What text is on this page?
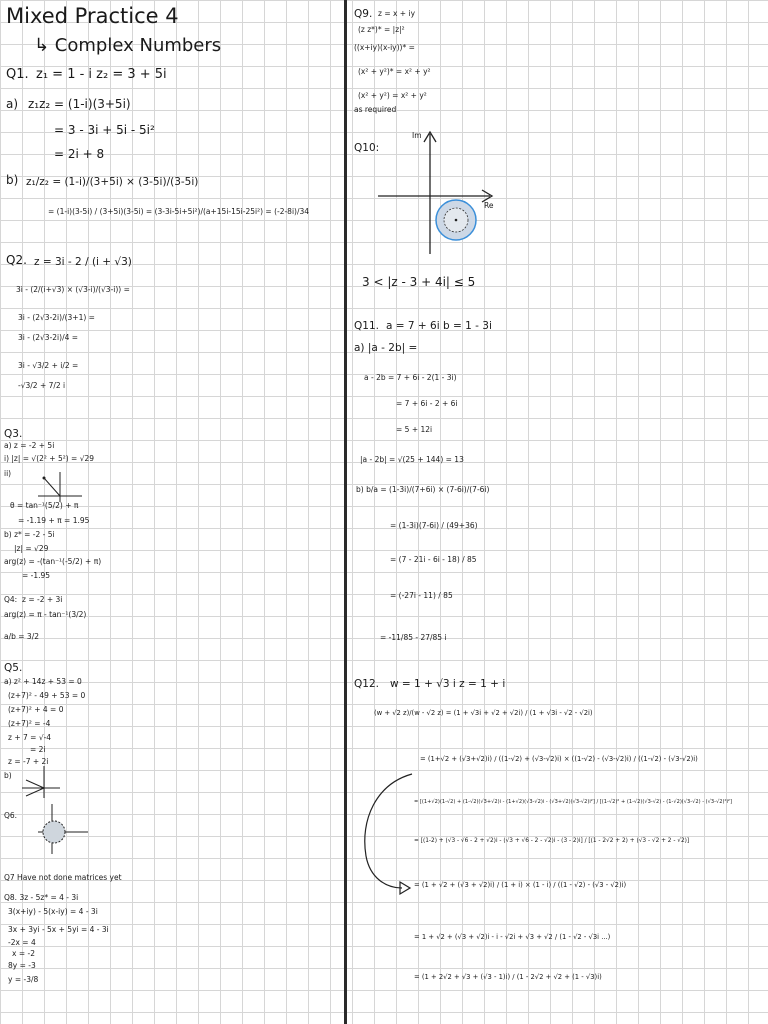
Mixed Practice 4
↳ Complex Numbers
Q1. z₁ = 1 - i z₂ = 3 + 5i
a) z₁z₂ = (1-i)(3+5i)
= 3 - 3i + 5i - 5i²
= 2i + 8
b) z₁/z₂ = (1-i)/(3+5i) × (3-5i)/(3-5i)
= (1-i)(3-5i) / (3+5i)(3-5i) = (3-3i-5i+5i²)/(a+15i-15i-25i²) = (-2-8i)/34
Q2. z = 3i - 2 / (i + √3)
3i - (2/(i+√3) × (√3-i)/(√3-i)) =
3i - (2√3-2i)/(3+1) =
3i - (2√3-2i)/4 =
3i - √3/2 + i/2 =
-√3/2 + 7/2 i
Q3.
a) z = -2 + 5i
i) |z| = √(2² + 5²) = √29
ii)
θ = tan⁻¹(5/2) + π
= -1.19 + π = 1.95
b) z* = -2 - 5i
|z| = √29
arg(z) = -(tan⁻¹(-5/2) + π)
= -1.95
Q4: z = -2 + 3i
arg(z) = π - tan⁻¹(3/2)
a/b = 3/2
Q5.
a) z² + 14z + 53 = 0
(z+7)² - 49 + 53 = 0
(z+7)² + 4 = 0
(z+7)² = -4
z + 7 = √-4
= 2i
z = -7 + 2i
b)
Q6.
Q7 Have not done matrices yet
Q8. 3z - 5z* = 4 - 3i
3(x+iy) - 5(x-iy) = 4 - 3i
3x + 3yi - 5x + 5yi = 4 - 3i
-2x = 4
x = -2
8y = -3
y = -3/8
Q9. z = x + iy
(z z*)* = |z|²
((x+iy)(x-iy))* =
(x² + y²)* = x² + y²
(x² + y²) = x² + y²
as required
Q10:
Im
Re
3 < |z - 3 + 4i| ≤ 5
Q11. a = 7 + 6i b = 1 - 3i
a) |a - 2b| =
a - 2b = 7 + 6i - 2(1 - 3i)
= 7 + 6i - 2 + 6i
= 5 + 12i
|a - 2b| = √(25 + 144) = 13
b) b/a = (1-3i)/(7+6i) × (7-6i)/(7-6i)
= (1-3i)(7-6i) / (49+36)
= (7 - 21i - 6i - 18) / 85
= (-27i - 11) / 85
= -11/85 - 27/85 i
Q12. w = 1 + √3 i z = 1 + i
(w + √2 z)/(w - √2 z) = (1 + √3i + √2 + √2i) / (1 + √3i - √2 - √2i)
= (1+√2 + (√3+√2)i) / ((1-√2) + (√3-√2)i) × ((1-√2) - (√3-√2)i) / ((1-√2) - (√3-√2)i)
= [(1+√2)(1-√2) + (1-√2)(√3+√2)i - (1+√2)(√3-√2)i - (√3+√2)(√3-√2)i²] / [(1-√2)² + (1-√2)(√3-√2) - (1-√2)(√3-√2) - (√3-√2)²i²]
= [(1-2) + (√3 - √6 - 2 + √2)i - (√3 + √6 - 2 - √2)i - (3 - 2)i] / [(1 - 2√2 + 2) + (√3 - √2 + 2 - √2)]
= (1 + √2 + (√3 + √2)i) / (1 + i) × (1 - i) / ((1 - √2) - (√3 - √2)i)
= 1 + √2 + (√3 + √2)i - i - √2i + √3 + √2 / (1 - √2 - √3i ...)
= (1 + 2√2 + √3 + (√3 - 1)i) / (1 - 2√2 + √2 + (1 - √3)i)
